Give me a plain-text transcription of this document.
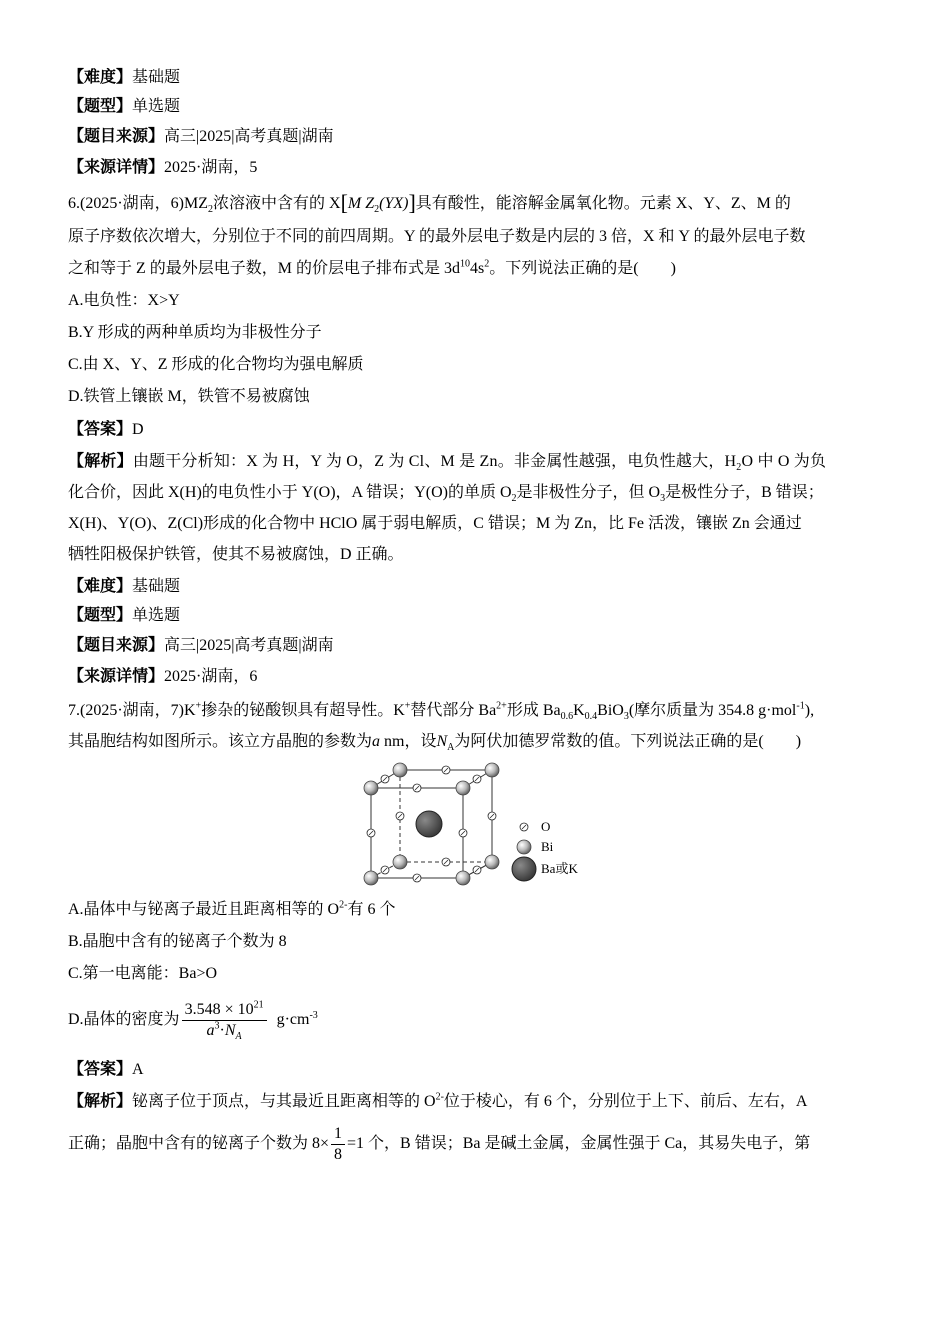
【难度】基础题
【题型】单选题
【题目来源】高三|2025|高考真题|湖南
【来源详情】2025·湖南，5
6.(2025·湖南，$6)MZ_2$浓溶液中含有的 X[M $Z_2(YX)$]具有酸性，能溶解金属氧化物。元素 X、Y、Z、M 的
原子序数依次增大，分别位于不同的前四周期。Y 的最外层电子数是内层的 3 倍，X 和 Y 的最外层电子数
之和等于 Z 的最外层电子数，M 的价层电子排布式是 $3d^{10}4s^2$。下列说法正确的是(　　)
A.电负性：X>Y
B.Y 形成的两种单质均为非极性分子
C.由 X、Y、Z 形成的化合物均为强电解质
D.铁管上镶嵌 M，铁管不易被腐蚀
【答案】D
【解析】由题干分析知：X 为 H，Y 为 O，Z 为 Cl、M 是 Zn。非金属性越强，电负性越大，$H_2O$ 中 O 为负
化合价，因此 X(H)的电负性小于 Y(O)，A 错误；Y(O)的单质 $O_2$是非极性分子，但 $O_3$是极性分子，B 错误；
X(H)、Y(O)、Z(Cl)形成的化合物中 HClO 属于弱电解质，C 错误；M 为 Zn，比 Fe 活泼，镶嵌 Zn 会通过
牺牲阳极保护铁管，使其不易被腐蚀，D 正确。
【难度】基础题
【题型】单选题
【题目来源】高三|2025|高考真题|湖南
【来源详情】2025·湖南，6
7.(2025·湖南，7)K+掺杂的铋酸钡具有超导性。K+替代部分 $Ba^{2+}$形成 $Ba_{0.6}K_{0.4}BiO_3$(摩尔质量为 354.8 g·mol$^{-1}$),
其晶胞结构如图所示。该立方晶胞的参数为a nm，设$N_A$为阿伏加德罗常数的值。下列说法正确的是(　　)
O
Bi
Ba或K
A.晶体中与铋离子最近且距离相等的 $O^{2-}$有 6 个
B.晶胞中含有的铋离子个数为 8
C.第一电离能：Ba>O
D.晶体的密度为 $\frac{3.548 \times 10^{21}}{a^3\cdot N_A} g\cdot cm^{-3}$
【答案】A
【解析】铋离子位于顶点，与其最近且距离相等的 $O^{2-}$位于棱心，有 6 个，分别位于上下、前后、左右，A
正确；晶胞中含有的铋离子个数为 $8\times \frac{1}{8} =1$ 个，B 错误；Ba 是碱土金属，金属性强于 Ca，其易失电子，第
